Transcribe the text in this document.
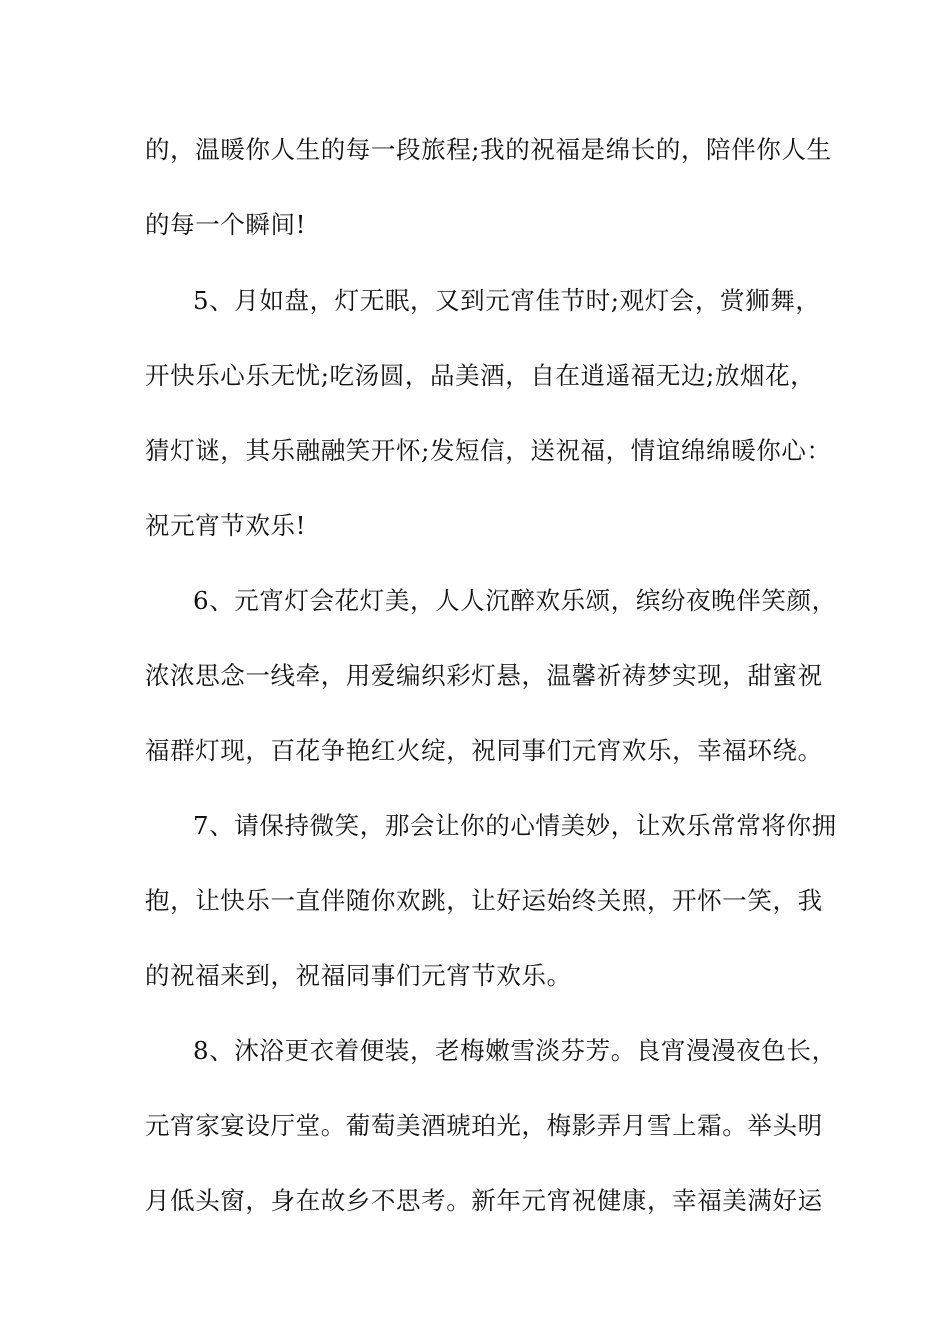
的，温暖你人生的每一段旅程;我的祝福是绵长的，陪伴你人生
的每一个瞬间!
5、月如盘，灯无眠，又到元宵佳节时;观灯会，赏狮舞，
开快乐心乐无忧;吃汤圆，品美酒，自在逍遥福无边;放烟花，
猜灯谜，其乐融融笑开怀;发短信，送祝福，情谊绵绵暖你心：
祝元宵节欢乐!
6、元宵灯会花灯美，人人沉醉欢乐颂，缤纷夜晚伴笑颜，
浓浓思念一线牵，用爱编织彩灯悬，温馨祈祷梦实现，甜蜜祝
福群灯现，百花争艳红火绽，祝同事们元宵欢乐，幸福环绕。
7、请保持微笑，那会让你的心情美妙，让欢乐常常将你拥
抱，让快乐一直伴随你欢跳，让好运始终关照，开怀一笑，我
的祝福来到，祝福同事们元宵节欢乐。
8、沐浴更衣着便装，老梅嫩雪淡芬芳。良宵漫漫夜色长，
元宵家宴设厅堂。葡萄美酒琥珀光，梅影弄月雪上霜。举头明
月低头窗，身在故乡不思考。新年元宵祝健康，幸福美满好运
